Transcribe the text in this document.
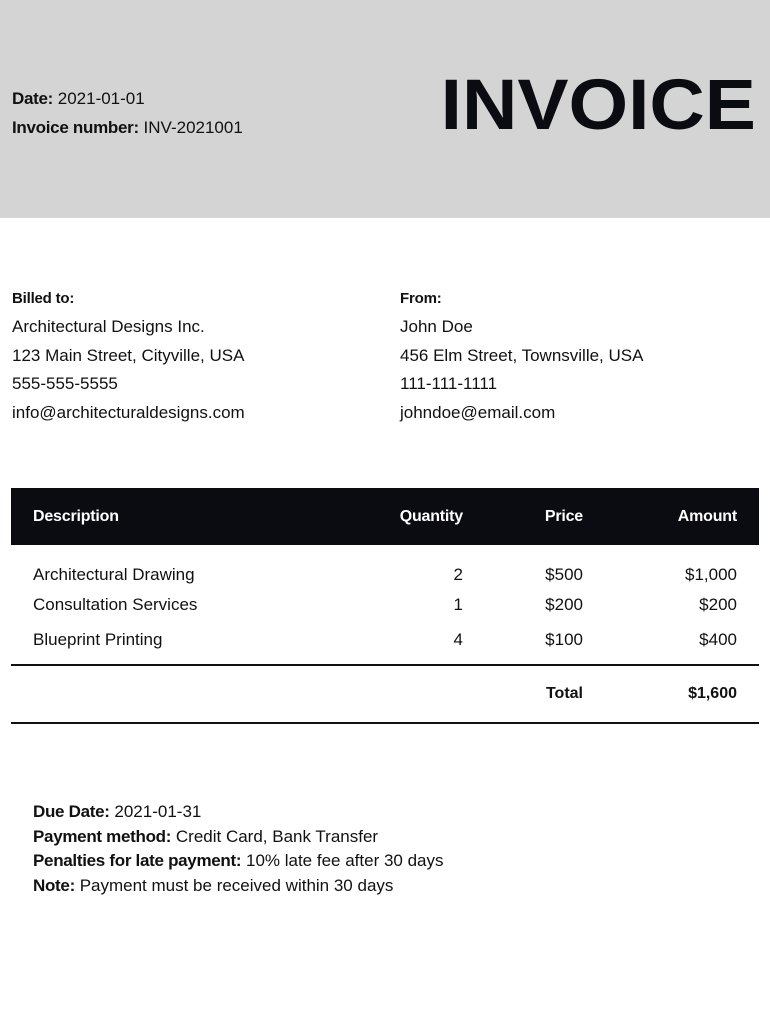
Date: 2021-01-01
Invoice number: INV-2021001	INVOICE
Billed to:
Architectural Designs Inc.
123 Main Street, Cityville, USA
555-555-5555
info@architecturaldesigns.com
From:
John Doe
456 Elm Street, Townsville, USA
111-111-1111
johndoe@email.com
Description	Quantity	Price	Amount
Architectural Drawing	2	$500	$1,000
Consultation Services	1	$200	$200
Blueprint Printing	4	$100	$400
		Total	$1,600
Due Date: 2021-01-31
Payment method: Credit Card, Bank Transfer
Penalties for late payment: 10% late fee after 30 days
Note: Payment must be received within 30 days
